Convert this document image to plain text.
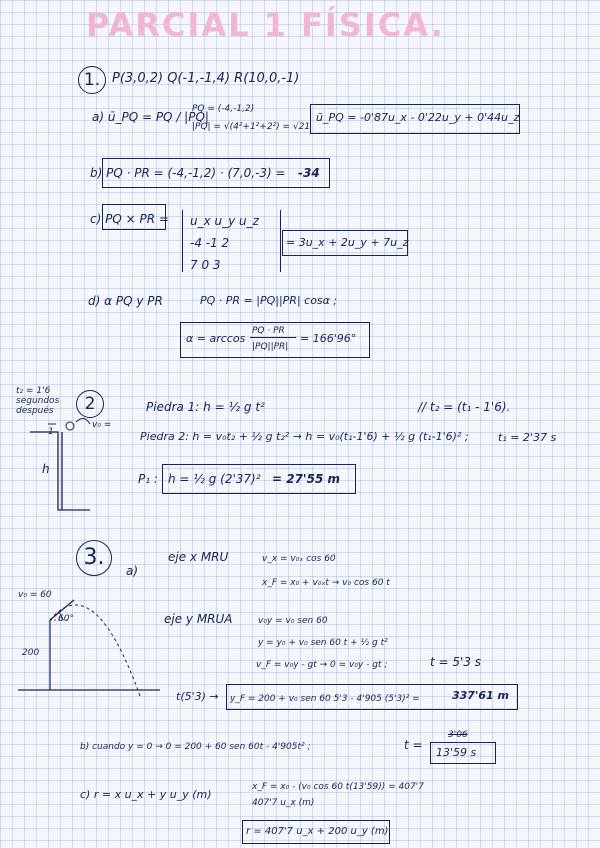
PARCIAL 1 FÍSICA.
1. P(3,0,2) Q(-1,-1,4) R(10,0,-1)
a) ū_PQ = PQ / |PQ|
PQ = (-4,-1,2)
|PQ| = √(4²+1²+2²) = √21
ū_PQ = -0'87u_x - 0'22u_y + 0'44u_z
b) PQ · PR = (-4,-1,2) · (7,0,-3) = -34
c) PQ × PR = u_x u_y u_z
-4 -1 2
7 0 3
= 3u_x + 2u_y + 7u_z
d) α PQ y PR	PQ · PR = |PQ||PR| cosα ;
α = arccos
PQ · PR
|PQ||PR|
= 166'96°
t₂ = 1'6 segundos después	2
1
v₀ =
h
Piedra 1: h = ½ g t²	// t₂ = (t₁ - 1'6).
Piedra 2: h = v₀t₂ + ½ g t₂² → h = v₀(t₁-1'6) + ½ g (t₁-1'6)² ;	t₁ = 2'37 s
P₁ : h = ½ g (2'37)² = 27'55 m
3.
a)
v₀ = 60
60°
200
eje x MRU	v_x = v₀ₓ cos 60
x_F = x₀ + v₀ₓt → v₀ cos 60 t
eje y MRUA	v₀y = v₀ sen 60
y = y₀ + v₀ sen 60 t + ½ g t²
v_F = v₀y - gt → 0 = v₀y - gt ;	t = 5'3 s
t(5'3) → y_F = 200 + v₀ sen 60 5'3 - 4'905 (5'3)² =	337'61 m
b) cuando y = 0 → 0 = 200 + 60 sen 60t - 4'905t² ;	t =
3'06
13'59 s
c) r = x u_x + y u_y (m)
x_F = x₀ - (v₀ cos 60 t(13'59)) = 407'7
407'7 u_x (m)
r = 407'7 u_x + 200 u_y (m)
